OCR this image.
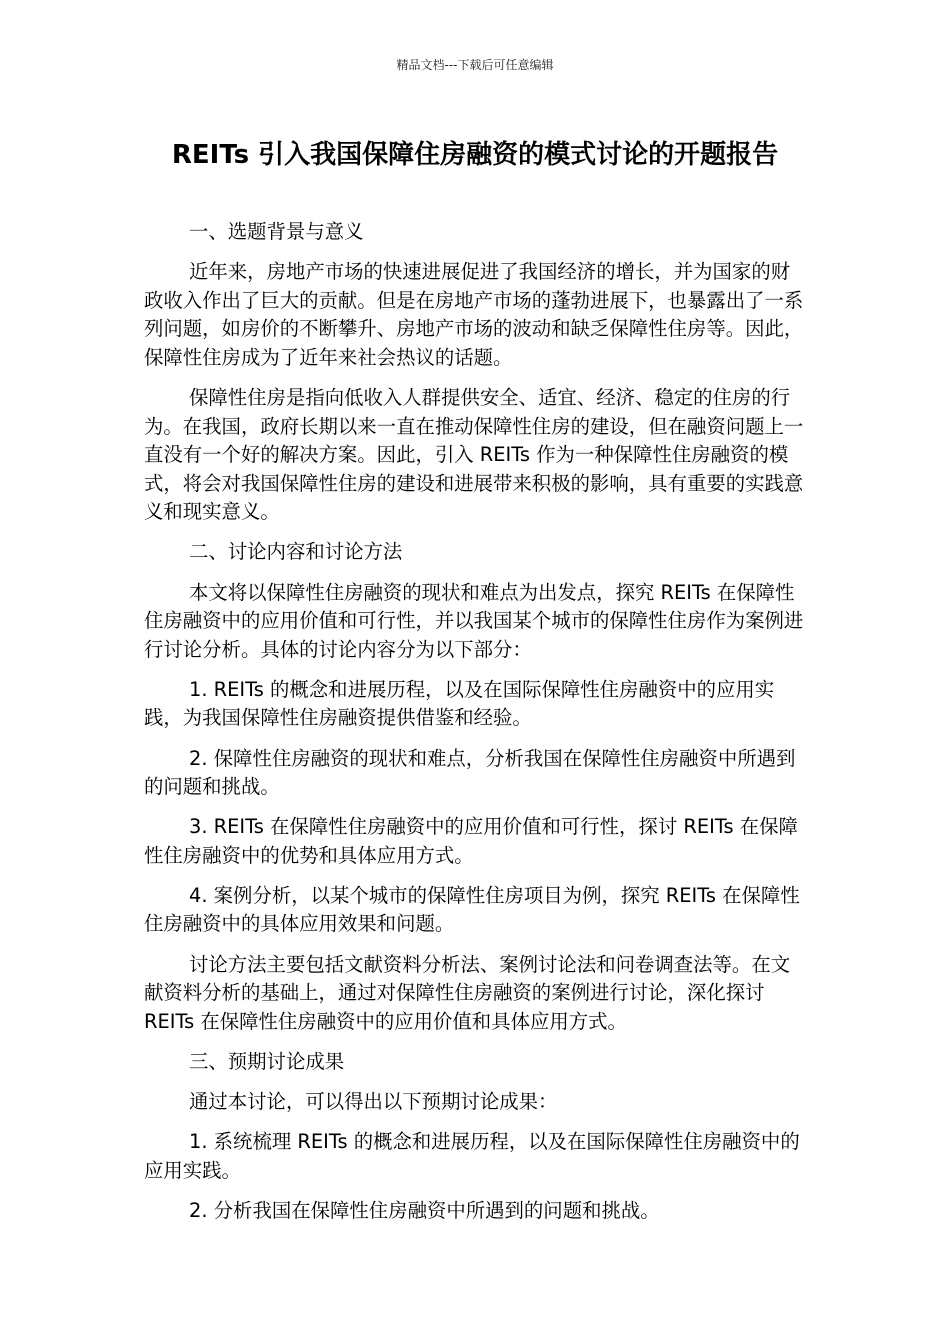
精品文档---下载后可任意编辑
REITs 引入我国保障住房融资的模式讨论的开题报告

一、选题背景与意义

近年来，房地产市场的快速进展促进了我国经济的增长，并为国家的财政收入作出了巨大的贡献。但是在房地产市场的蓬勃进展下，也暴露出了一系列问题，如房价的不断攀升、房地产市场的波动和缺乏保障性住房等。因此，保障性住房成为了近年来社会热议的话题。

保障性住房是指向低收入人群提供安全、适宜、经济、稳定的住房的行为。在我国，政府长期以来一直在推动保障性住房的建设，但在融资问题上一直没有一个好的解决方案。因此，引入 REITs 作为一种保障性住房融资的模式，将会对我国保障性住房的建设和进展带来积极的影响，具有重要的实践意义和现实意义。

二、讨论内容和讨论方法

本文将以保障性住房融资的现状和难点为出发点，探究 REITs 在保障性住房融资中的应用价值和可行性，并以我国某个城市的保障性住房作为案例进行讨论分析。具体的讨论内容分为以下部分：

1. REITs 的概念和进展历程，以及在国际保障性住房融资中的应用实践，为我国保障性住房融资提供借鉴和经验。

2. 保障性住房融资的现状和难点，分析我国在保障性住房融资中所遇到的问题和挑战。

3. REITs 在保障性住房融资中的应用价值和可行性，探讨 REITs 在保障性住房融资中的优势和具体应用方式。

4. 案例分析，以某个城市的保障性住房项目为例，探究 REITs 在保障性住房融资中的具体应用效果和问题。

讨论方法主要包括文献资料分析法、案例讨论法和问卷调查法等。在文献资料分析的基础上，通过对保障性住房融资的案例进行讨论，深化探讨 REITs 在保障性住房融资中的应用价值和具体应用方式。

三、预期讨论成果

通过本讨论，可以得出以下预期讨论成果：

1. 系统梳理 REITs 的概念和进展历程，以及在国际保障性住房融资中的应用实践。

2. 分析我国在保障性住房融资中所遇到的问题和挑战。
